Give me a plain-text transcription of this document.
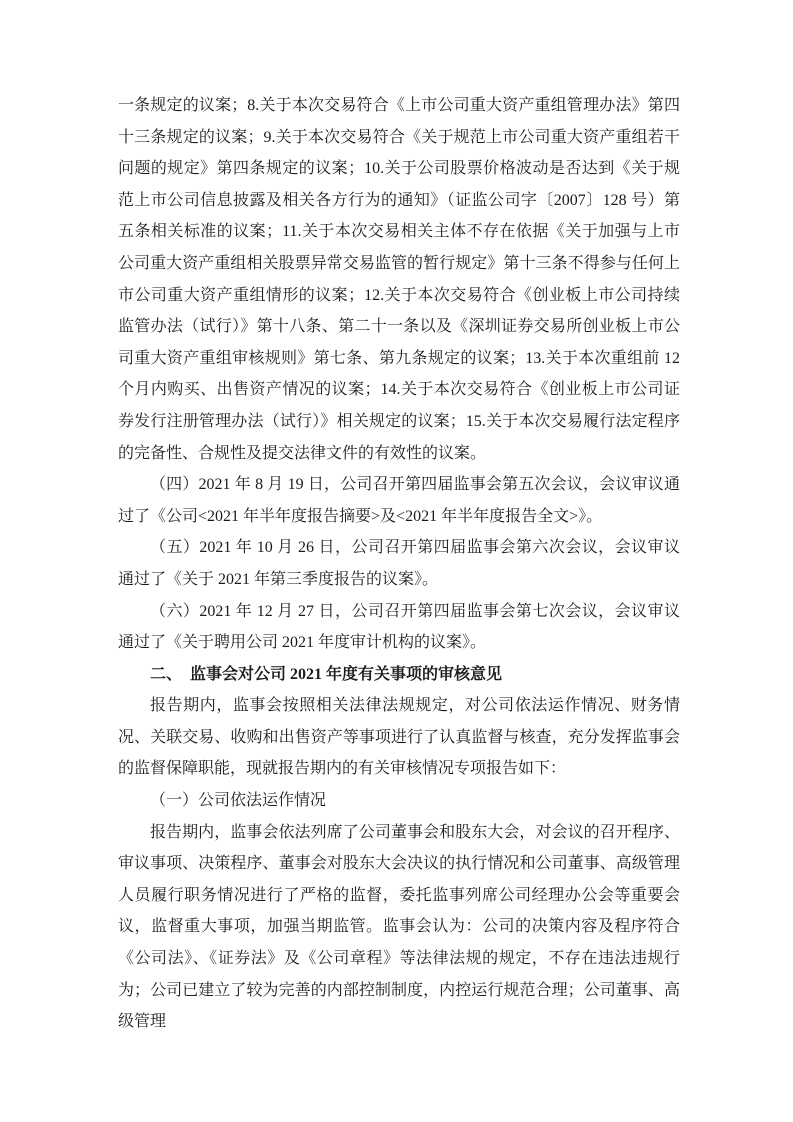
一条规定的议案；8.关于本次交易符合《上市公司重大资产重组管理办法》第四十三条规定的议案；9.关于本次交易符合《关于规范上市公司重大资产重组若干问题的规定》第四条规定的议案；10.关于公司股票价格波动是否达到《关于规范上市公司信息披露及相关各方行为的通知》（证监公司字〔2007〕128 号）第五条相关标准的议案；11.关于本次交易相关主体不存在依据《关于加强与上市公司重大资产重组相关股票异常交易监管的暂行规定》第十三条不得参与任何上市公司重大资产重组情形的议案；12.关于本次交易符合《创业板上市公司持续监管办法（试行）》第十八条、第二十一条以及《深圳证券交易所创业板上市公司重大资产重组审核规则》第七条、第九条规定的议案；13.关于本次重组前 12 个月内购买、出售资产情况的议案；14.关于本次交易符合《创业板上市公司证券发行注册管理办法（试行）》相关规定的议案；15.关于本次交易履行法定程序的完备性、合规性及提交法律文件的有效性的议案。

（四）2021 年 8 月 19 日，公司召开第四届监事会第五次会议，会议审议通过了《公司<2021 年半年度报告摘要>及<2021 年半年度报告全文>》。

（五）2021 年 10 月 26 日，公司召开第四届监事会第六次会议，会议审议通过了《关于 2021 年第三季度报告的议案》。

（六）2021 年 12 月 27 日，公司召开第四届监事会第七次会议，会议审议通过了《关于聘用公司 2021 年度审计机构的议案》。

二、 监事会对公司 2021 年度有关事项的审核意见

报告期内，监事会按照相关法律法规规定，对公司依法运作情况、财务情况、关联交易、收购和出售资产等事项进行了认真监督与核查，充分发挥监事会的监督保障职能，现就报告期内的有关审核情况专项报告如下：

（一）公司依法运作情况

报告期内，监事会依法列席了公司董事会和股东大会，对会议的召开程序、审议事项、决策程序、董事会对股东大会决议的执行情况和公司董事、高级管理人员履行职务情况进行了严格的监督，委托监事列席公司经理办公会等重要会议，监督重大事项，加强当期监管。监事会认为：公司的决策内容及程序符合《公司法》、《证券法》及《公司章程》等法律法规的规定，不存在违法违规行为；公司已建立了较为完善的内部控制制度，内控运行规范合理；公司董事、高级管理
